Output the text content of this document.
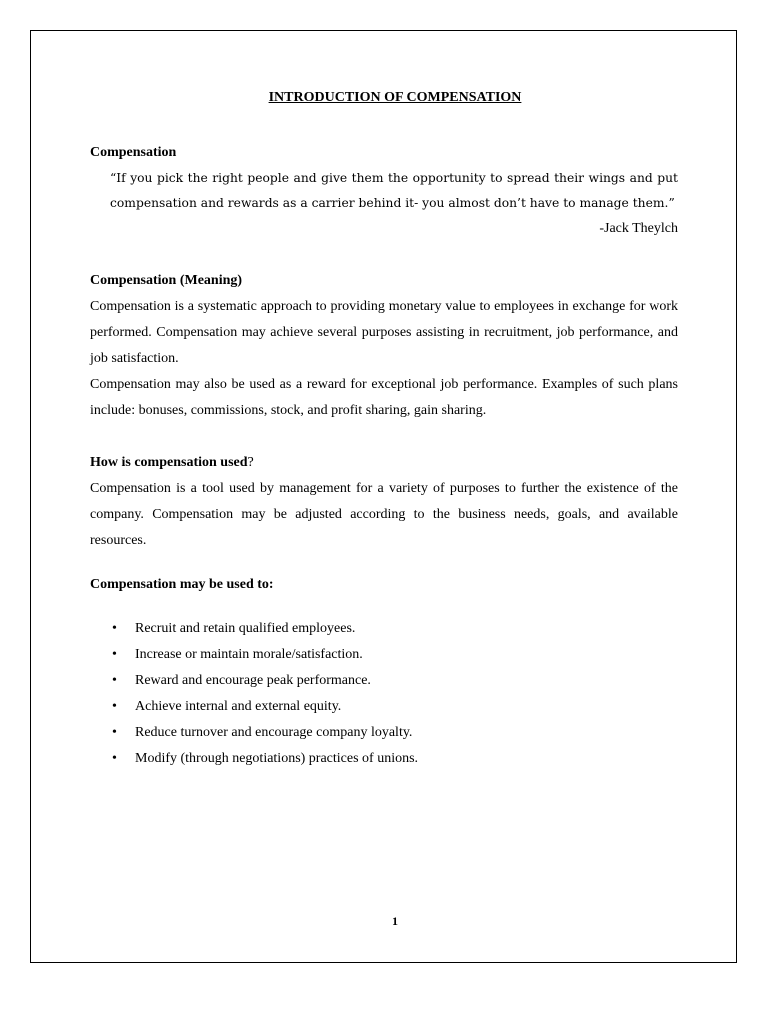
INTRODUCTION OF COMPENSATION

Compensation

“If you pick the right people and give them the opportunity to spread their wings and put compensation and rewards as a carrier behind it- you almost don’t have to manage them.”

-Jack Theylch

Compensation (Meaning)

Compensation is a systematic approach to providing monetary value to employees in exchange for work performed. Compensation may achieve several purposes assisting in recruitment, job performance, and job satisfaction.

Compensation may also be used as a reward for exceptional job performance. Examples of such plans include: bonuses, commissions, stock, and profit sharing, gain sharing.

How is compensation used?

Compensation is a tool used by management for a variety of purposes to further the existence of the company. Compensation may be adjusted according to the business needs, goals, and available resources.

Compensation may be used to:

• Recruit and retain qualified employees.
• Increase or maintain morale/satisfaction.
• Reward and encourage peak performance.
• Achieve internal and external equity.
• Reduce turnover and encourage company loyalty.
• Modify (through negotiations) practices of unions.
1
